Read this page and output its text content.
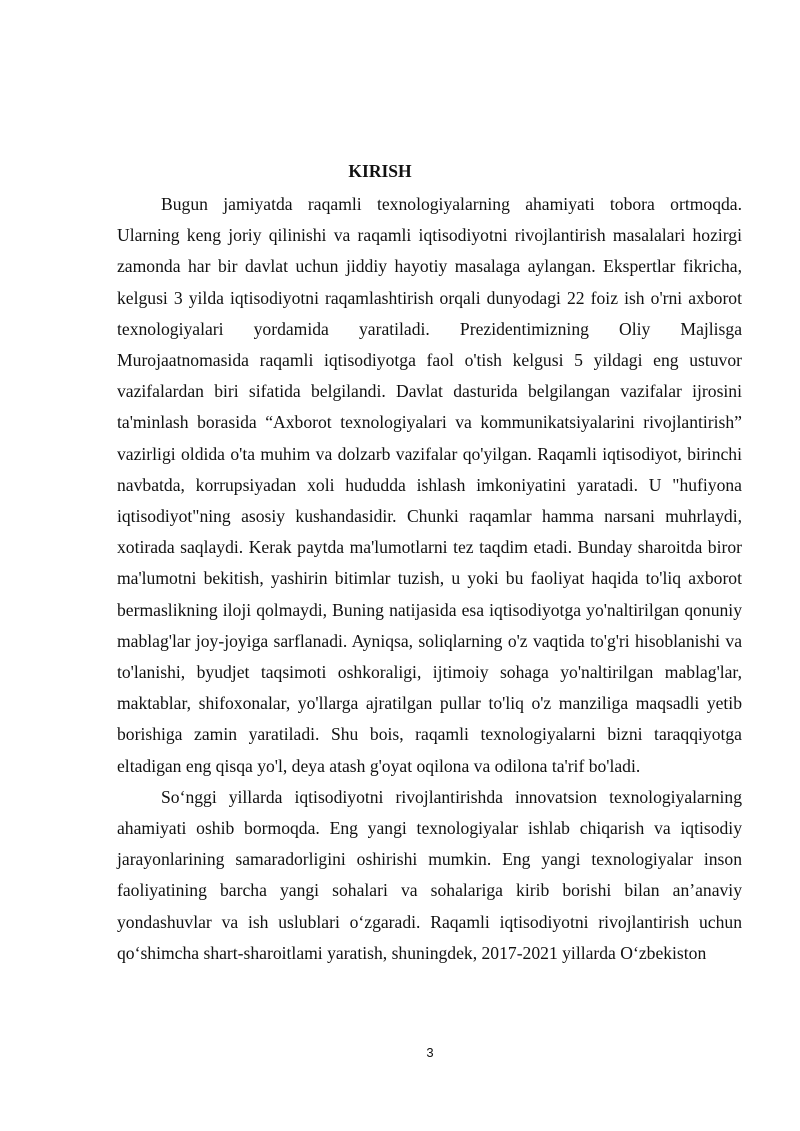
KIRISH

Bugun jamiyatda raqamli texnologiyalarning ahamiyati tobora ortmoqda. Ularning keng joriy qilinishi va raqamli iqtisodiyotni rivojlantirish masalalari hozirgi zamonda har bir davlat uchun jiddiy hayotiy masalaga aylangan. Ekspertlar fikricha, kelgusi 3 yilda iqtisodiyotni raqamlashtirish orqali dunyodagi 22 foiz ish o'rni axborot texnologiyalari yordamida yaratiladi. Prezidentimizning Oliy Majlisga Murojaatnomasida raqamli iqtisodiyotga faol o'tish kelgusi 5 yildagi eng ustuvor vazifalardan biri sifatida belgilandi. Davlat dasturida belgilangan vazifalar ijrosini ta'minlash borasida “Axborot texnologiyalari va kommunikatsiyalarini rivojlantirish” vazirligi oldida o'ta muhim va dolzarb vazifalar qo'yilgan. Raqamli iqtisodiyot, birinchi navbatda, korrupsiyadan xoli hududda ishlash imkoniyatini yaratadi. U "hufiyona iqtisodiyot"ning asosiy kushandasidir. Chunki raqamlar hamma narsani muhrlaydi, xotirada saqlaydi. Kerak paytda ma'lumotlarni tez taqdim etadi. Bunday sharoitda biror ma'lumotni bekitish, yashirin bitimlar tuzish, u yoki bu faoliyat haqida to'liq axborot bermaslikning iloji qolmaydi, Buning natijasida esa iqtisodiyotga yo'naltirilgan qonuniy mablag'lar joy-joyiga sarflanadi. Ayniqsa, soliqlarning o'z vaqtida to'g'ri hisoblanishi va to'lanishi, byudjet taqsimoti oshkoraligi, ijtimoiy sohaga yo'naltirilgan mablag'lar, maktablar, shifoxonalar, yo'llarga ajratilgan pullar to'liq o'z manziliga maqsadli yetib borishiga zamin yaratiladi. Shu bois, raqamli texnologiyalarni bizni taraqqiyotga eltadigan eng qisqa yo'l, deya atash g'oyat oqilona va odilona ta'rif bo'ladi.

So‘nggi yillarda iqtisodiyotni rivojlantirishda innovatsion texnologiyalarning ahamiyati oshib bormoqda. Eng yangi texnologiyalar ishlab chiqarish va iqtisodiy jarayonlarining samaradorligini oshirishi mumkin. Eng yangi texnologiyalar inson faoliyatining barcha yangi sohalari va sohalariga kirib borishi bilan an’anaviy yondashuvlar va ish uslublari o‘zgaradi. Raqamli iqtisodiyotni rivojlantirish uchun qo‘shimcha shart-sharoitlami yaratish, shuningdek, 2017-2021 yillarda O‘zbekiston

3
